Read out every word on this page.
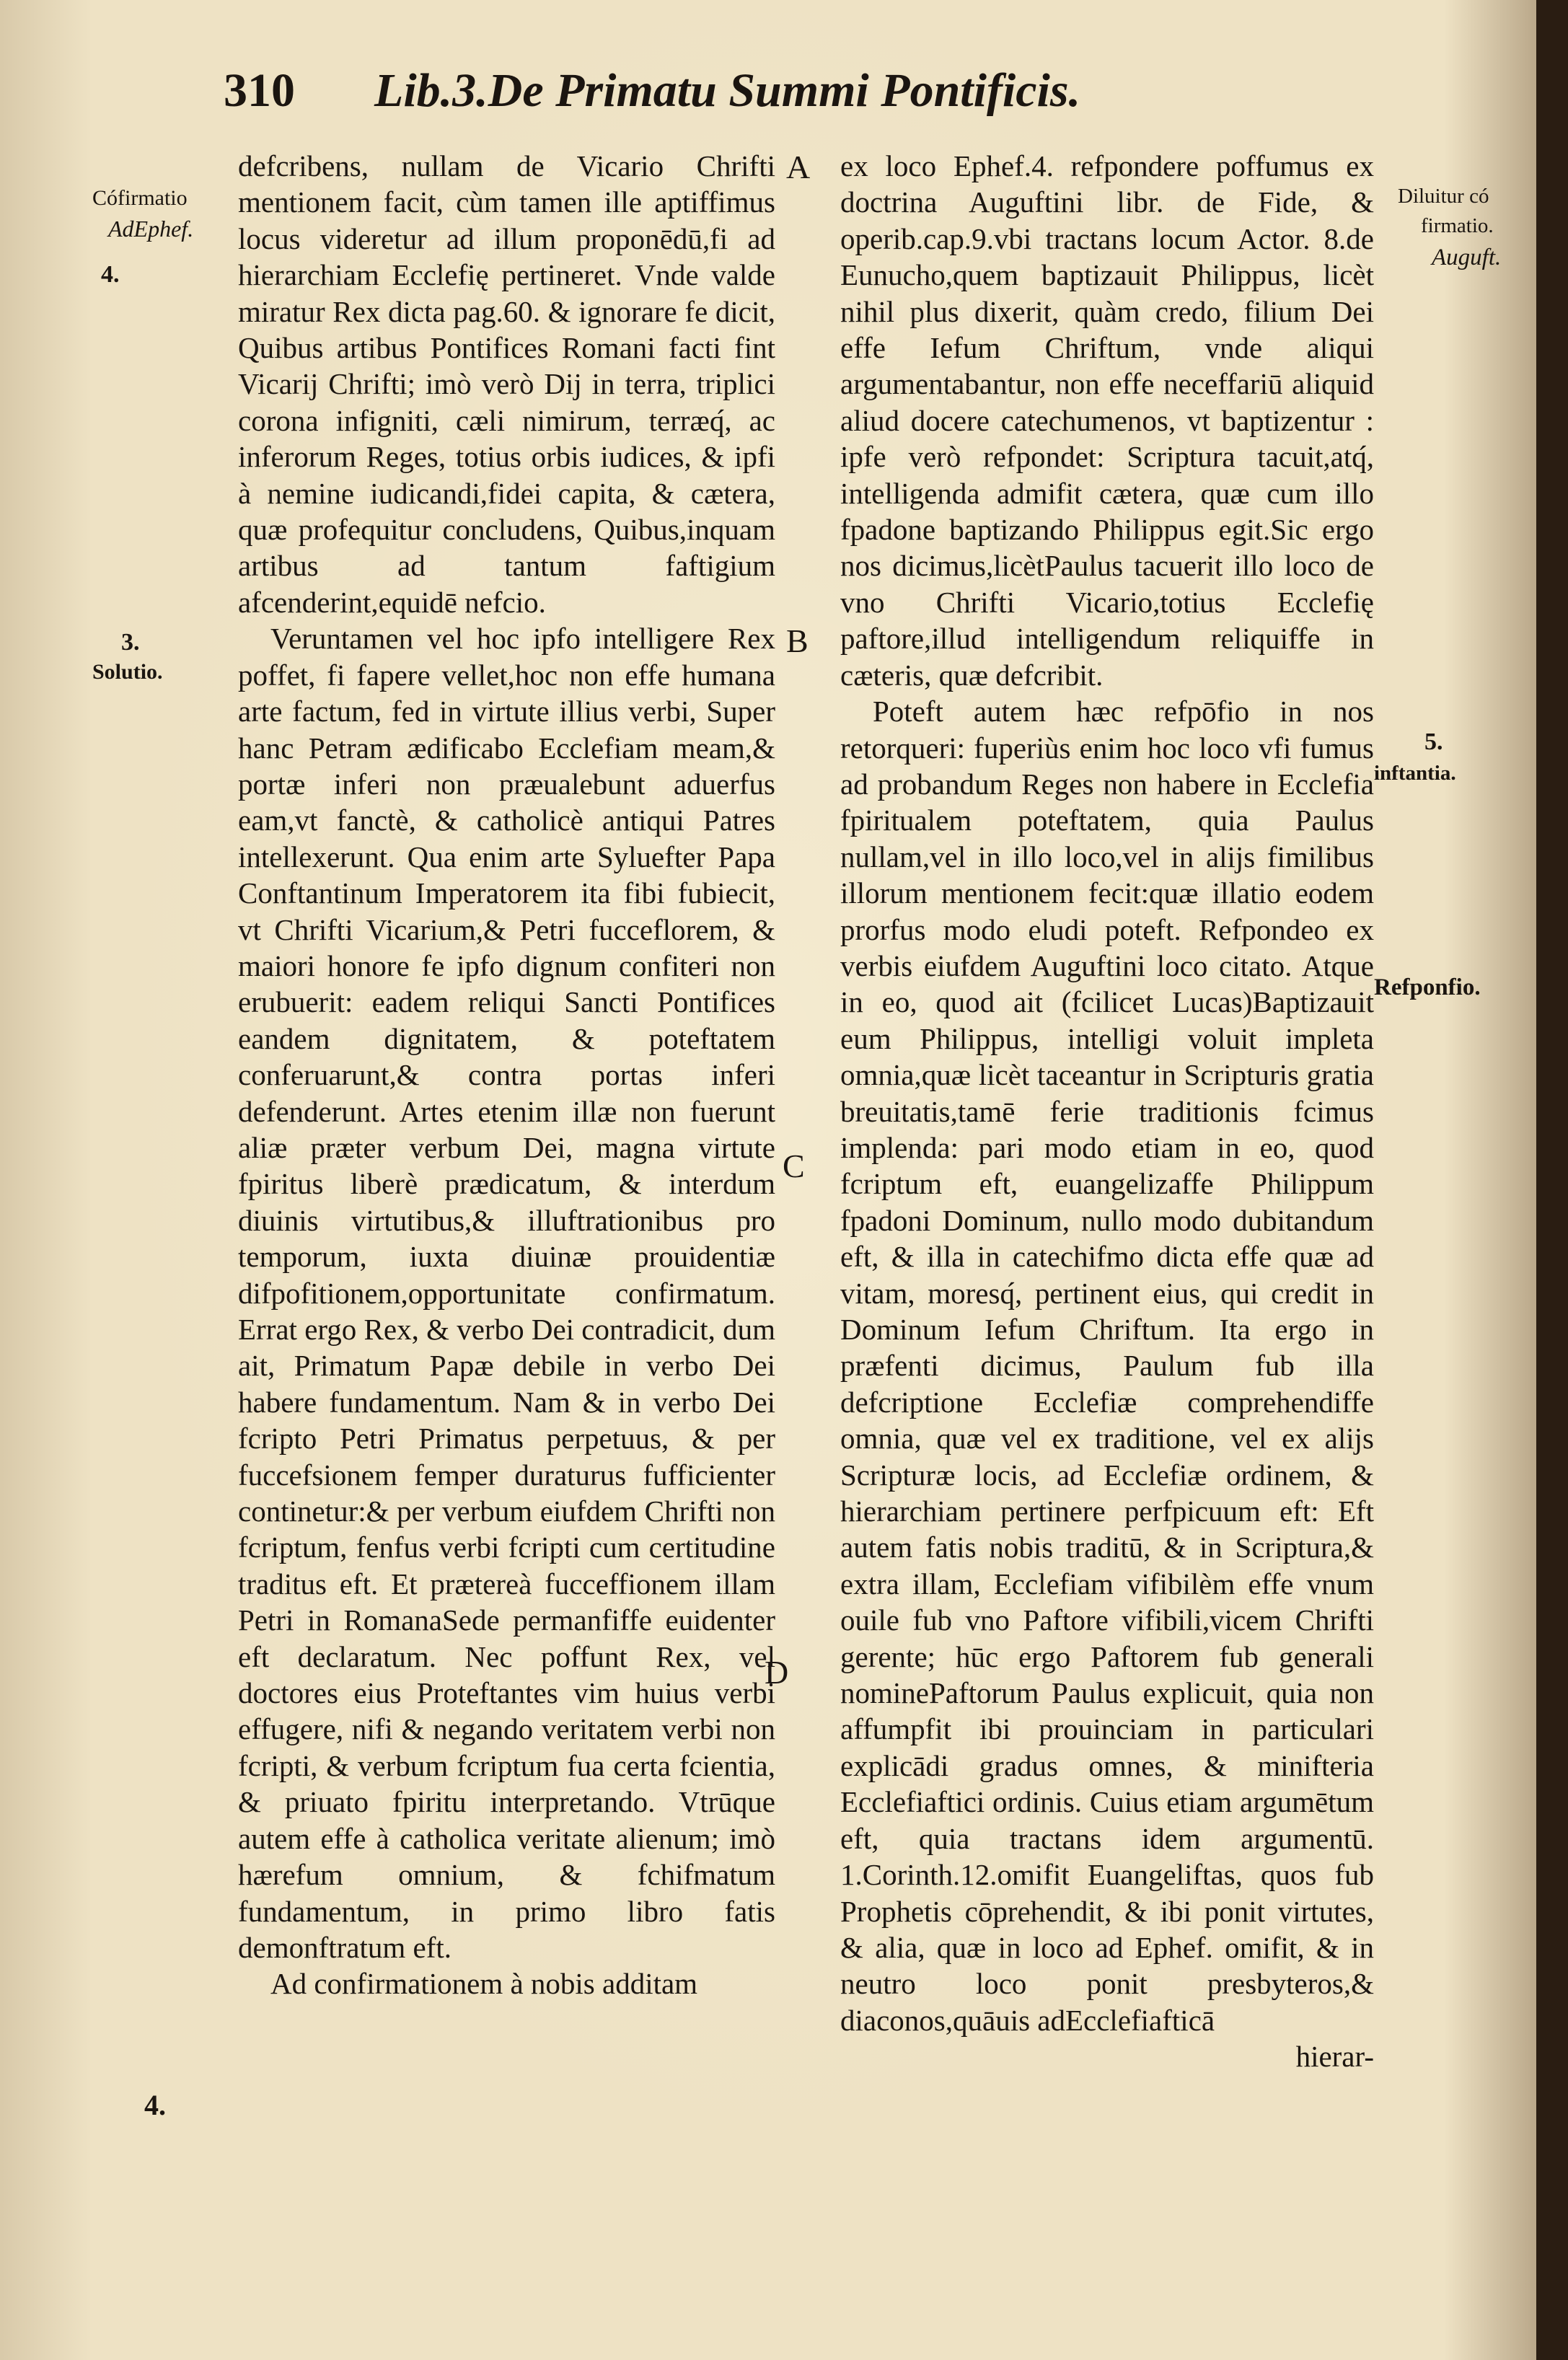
310 Lib.3.De Primatu Summi Pontificis.
Cófirmatio
AdEphef.
4.
3.
Solutio.
4.
A
B
C
D

defcribens, nullam de Vicario Chrifti mentionem facit, cùm tamen ille aptiffimus locus videretur ad illum proponēdū,fi ad hierarchiam Ecclefię pertineret. Vnde valde miratur Rex dicta pag.60. & ignorare fe dicit, Quibus artibus Pontifices Romani facti fint Vicarij Chrifti; imò verò Dij in terra, triplici corona infigniti, cæli nimirum, terræq́, ac inferorum Reges, totius orbis iudices, & ipfi à nemine iudicandi,fidei capita, & cætera, quæ profequitur concludens, Quibus,inquam artibus ad tantum faftigium afcenderint,equidē nefcio.

Veruntamen vel hoc ipfo intelligere Rex poffet, fi fapere vellet,hoc non effe humana arte factum, fed in virtute illius verbi, Super hanc Petram ædificabo Ecclefiam meam,& portæ inferi non præualebunt aduerfus eam,vt fanctè, & catholicè antiqui Patres intellexerunt. Qua enim arte Syluefter Papa Conftantinum Imperatorem ita fibi fubiecit, vt Chrifti Vicarium,& Petri fucceflorem, & maiori honore fe ipfo dignum confiteri non erubuerit: eadem reliqui Sancti Pontifices eandem dignitatem, & poteftatem conferuarunt,& contra portas inferi defenderunt. Artes etenim illæ non fuerunt aliæ præter verbum Dei, magna virtute fpiritus liberè prædicatum, & interdum diuinis virtutibus,& illuftrationibus pro temporum, iuxta diuinæ prouidentiæ difpofitionem,opportunitate confirmatum. Errat ergo Rex, & verbo Dei contradicit, dum ait, Primatum Papæ debile in verbo Dei habere fundamentum. Nam & in verbo Dei fcripto Petri Primatus perpetuus, & per fuccefsionem femper duraturus fufficienter continetur:& per verbum eiufdem Chrifti non fcriptum, fenfus verbi fcripti cum certitudine traditus eft. Et prætereà fucceffionem illam Petri in RomanaSede permanfiffe euidenter eft declaratum. Nec poffunt Rex, vel doctores eius Proteftantes vim huius verbi effugere, nifi & negando veritatem verbi non fcripti, & verbum fcriptum fua certa fcientia, & priuato fpiritu interpretando. Vtrūque autem effe à catholica veritate alienum; imò hærefum omnium, & fchifmatum fundamentum, in primo libro fatis demonftratum eft.

Ad confirmationem à nobis additam

ex loco Ephef.4. refpondere poffumus ex doctrina Auguftini libr. de Fide, & operib.cap.9.vbi tractans locum Actor. 8.de Eunucho,quem baptizauit Philippus, licèt nihil plus dixerit, quàm credo, filium Dei effe Iefum Chriftum, vnde aliqui argumentabantur, non effe neceffariū aliquid aliud docere catechumenos, vt baptizentur : ipfe verò refpondet: Scriptura tacuit,atq́, intelligenda admifit cætera, quæ cum illo fpadone baptizando Philippus egit.Sic ergo nos dicimus,licètPaulus tacuerit illo loco de vno Chrifti Vicario,totius Ecclefię paftore,illud intelligendum reliquiffe in cæteris, quæ defcribit.

Poteft autem hæc refpōfio in nos retorqueri: fuperiùs enim hoc loco vfi fumus ad probandum Reges non habere in Ecclefia fpiritualem poteftatem, quia Paulus nullam,vel in illo loco,vel in alijs fimilibus illorum mentionem fecit:quæ illatio eodem prorfus modo eludi poteft. Refpondeo ex verbis eiufdem Auguftini loco citato. Atque in eo, quod ait (fcilicet Lucas)Baptizauit eum Philippus, intelligi voluit impleta omnia,quæ licèt taceantur in Scripturis gratia breuitatis,tamē ferie traditionis fcimus implenda: pari modo etiam in eo, quod fcriptum eft, euangelizaffe Philippum fpadoni Dominum, nullo modo dubitandum eft, & illa in catechifmo dicta effe quæ ad vitam, moresq́, pertinent eius, qui credit in Dominum Iefum Chriftum. Ita ergo in præfenti dicimus, Paulum fub illa defcriptione Ecclefiæ comprehendiffe omnia, quæ vel ex traditione, vel ex alijs Scripturæ locis, ad Ecclefiæ ordinem, & hierarchiam pertinere perfpicuum eft: Eft autem fatis nobis traditū, & in Scriptura,& extra illam, Ecclefiam vifibilèm effe vnum ouile fub vno Paftore vifibili,vicem Chrifti gerente; hūc ergo Paftorem fub generali nominePaftorum Paulus explicuit, quia non affumpfit ibi prouinciam in particulari explicādi gradus omnes, & minifteria Ecclefiaftici ordinis. Cuius etiam argumētum eft, quia tractans idem argumentū. 1.Corinth.12.omifit Euangeliftas, quos fub Prophetis cōprehendit, & ibi ponit virtutes, & alia, quæ in loco ad Ephef. omifit, & in neutro loco ponit presbyteros,& diaconos,quāuis adEcclefiafticā

hierar-

Diluitur có
firmatio.
Auguft.
5.
inftantia.
Refponfio.
